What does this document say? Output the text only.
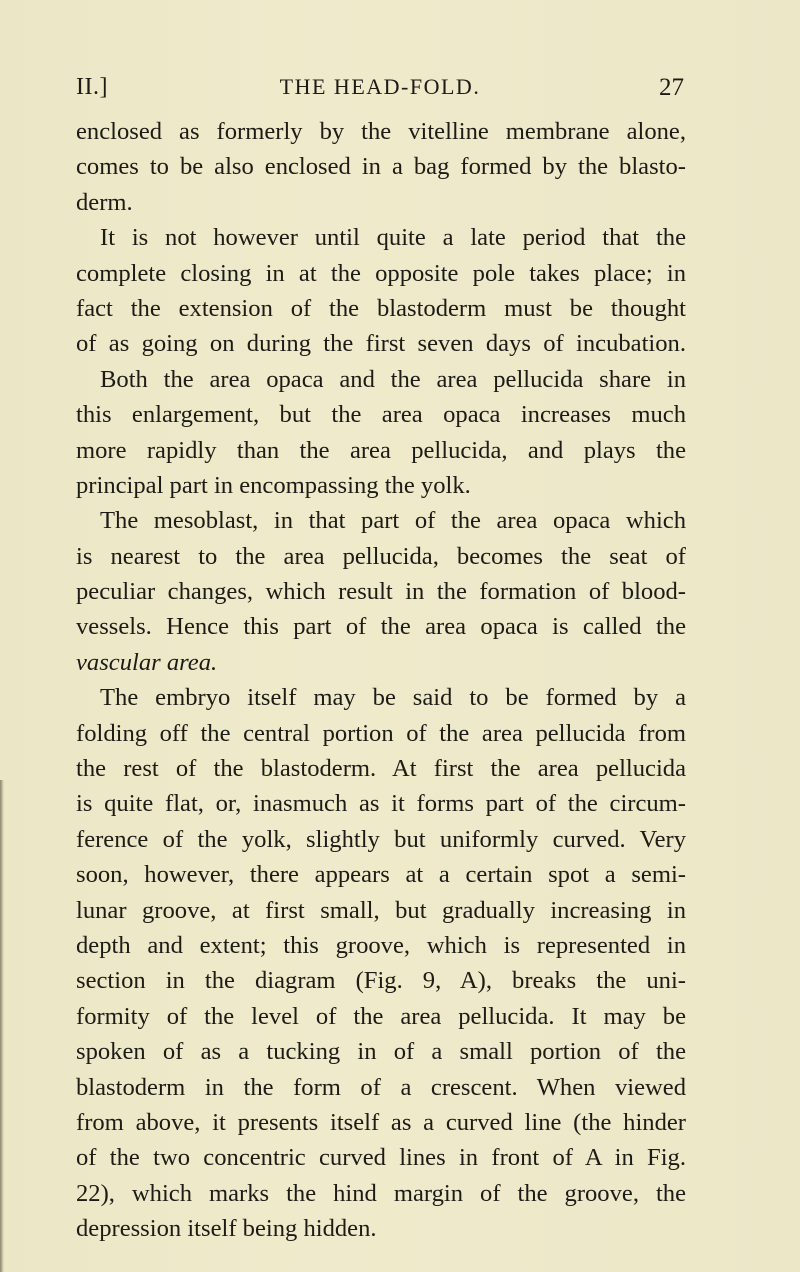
II.]	THE HEAD-FOLD.	27
enclosed as formerly by the vitelline membrane alone,
comes to be also enclosed in a bag formed by the blasto-
derm.
It is not however until quite a late period that the
complete closing in at the opposite pole takes place; in
fact the extension of the blastoderm must be thought
of as going on during the first seven days of incubation.
Both the area opaca and the area pellucida share in
this enlargement, but the area opaca increases much
more rapidly than the area pellucida, and plays the
principal part in encompassing the yolk.
The mesoblast, in that part of the area opaca which
is nearest to the area pellucida, becomes the seat of
peculiar changes, which result in the formation of blood-
vessels. Hence this part of the area opaca is called the
vascular area.
The embryo itself may be said to be formed by a
folding off the central portion of the area pellucida from
the rest of the blastoderm. At first the area pellucida
is quite flat, or, inasmuch as it forms part of the circum-
ference of the yolk, slightly but uniformly curved. Very
soon, however, there appears at a certain spot a semi-
lunar groove, at first small, but gradually increasing in
depth and extent; this groove, which is represented in
section in the diagram (Fig. 9, A), breaks the uni-
formity of the level of the area pellucida. It may be
spoken of as a tucking in of a small portion of the
blastoderm in the form of a crescent. When viewed
from above, it presents itself as a curved line (the hinder
of the two concentric curved lines in front of A in Fig.
22), which marks the hind margin of the groove, the
depression itself being hidden.
